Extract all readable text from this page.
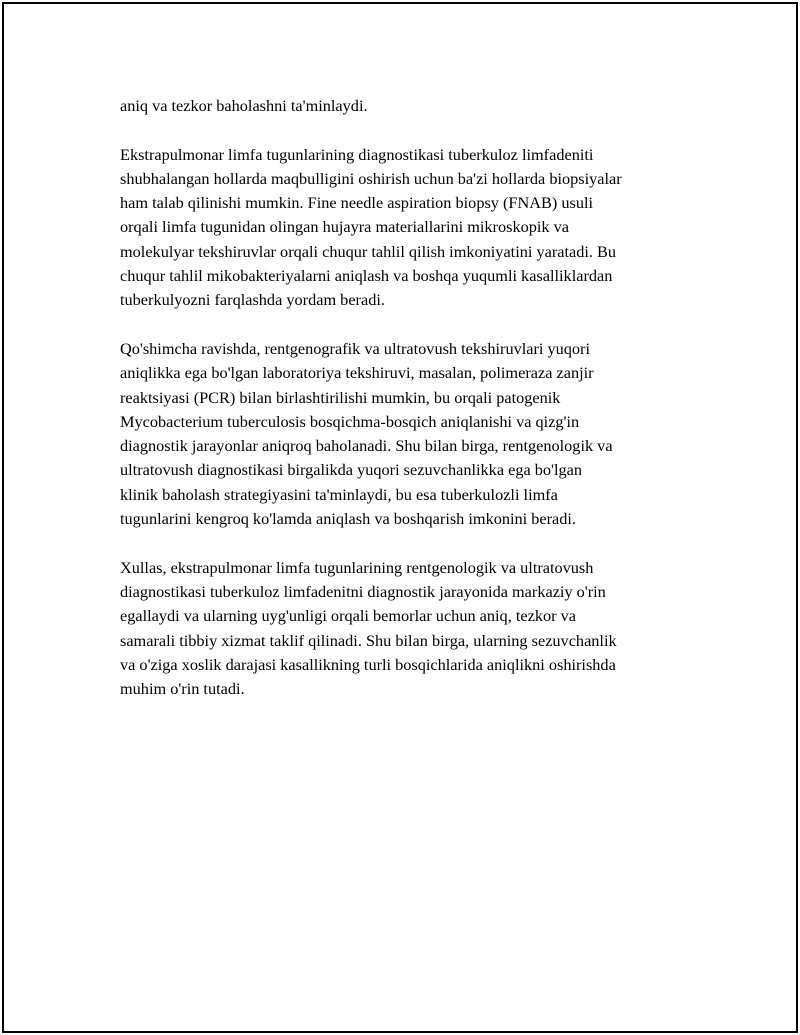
aniq va tezkor baholashni ta'minlaydi.

Ekstrapulmonar limfa tugunlarining diagnostikasi tuberkuloz limfadeniti
shubhalangan hollarda maqbulligini oshirish uchun ba'zi hollarda biopsiyalar
ham talab qilinishi mumkin. Fine needle aspiration biopsy (FNAB) usuli
orqali limfa tugunidan olingan hujayra materiallarini mikroskopik va
molekulyar tekshiruvlar orqali chuqur tahlil qilish imkoniyatini yaratadi. Bu
chuqur tahlil mikobakteriyalarni aniqlash va boshqa yuqumli kasalliklardan
tuberkulyozni farqlashda yordam beradi.

Qo'shimcha ravishda, rentgenografik va ultratovush tekshiruvlari yuqori
aniqlikka ega bo'lgan laboratoriya tekshiruvi, masalan, polimeraza zanjir
reaktsiyasi (PCR) bilan birlashtirilishi mumkin, bu orqali patogenik
Mycobacterium tuberculosis bosqichma-bosqich aniqlanishi va qizg'in
diagnostik jarayonlar aniqroq baholanadi. Shu bilan birga, rentgenologik va
ultratovush diagnostikasi birgalikda yuqori sezuvchanlikka ega bo'lgan
klinik baholash strategiyasini ta'minlaydi, bu esa tuberkulozli limfa
tugunlarini kengroq ko'lamda aniqlash va boshqarish imkonini beradi.

Xullas, ekstrapulmonar limfa tugunlarining rentgenologik va ultratovush
diagnostikasi tuberkuloz limfadenitni diagnostik jarayonida markaziy o'rin
egallaydi va ularning uyg'unligi orqali bemorlar uchun aniq, tezkor va
samarali tibbiy xizmat taklif qilinadi. Shu bilan birga, ularning sezuvchanlik
va o'ziga xoslik darajasi kasallikning turli bosqichlarida aniqlikni oshirishda
muhim o'rin tutadi.
